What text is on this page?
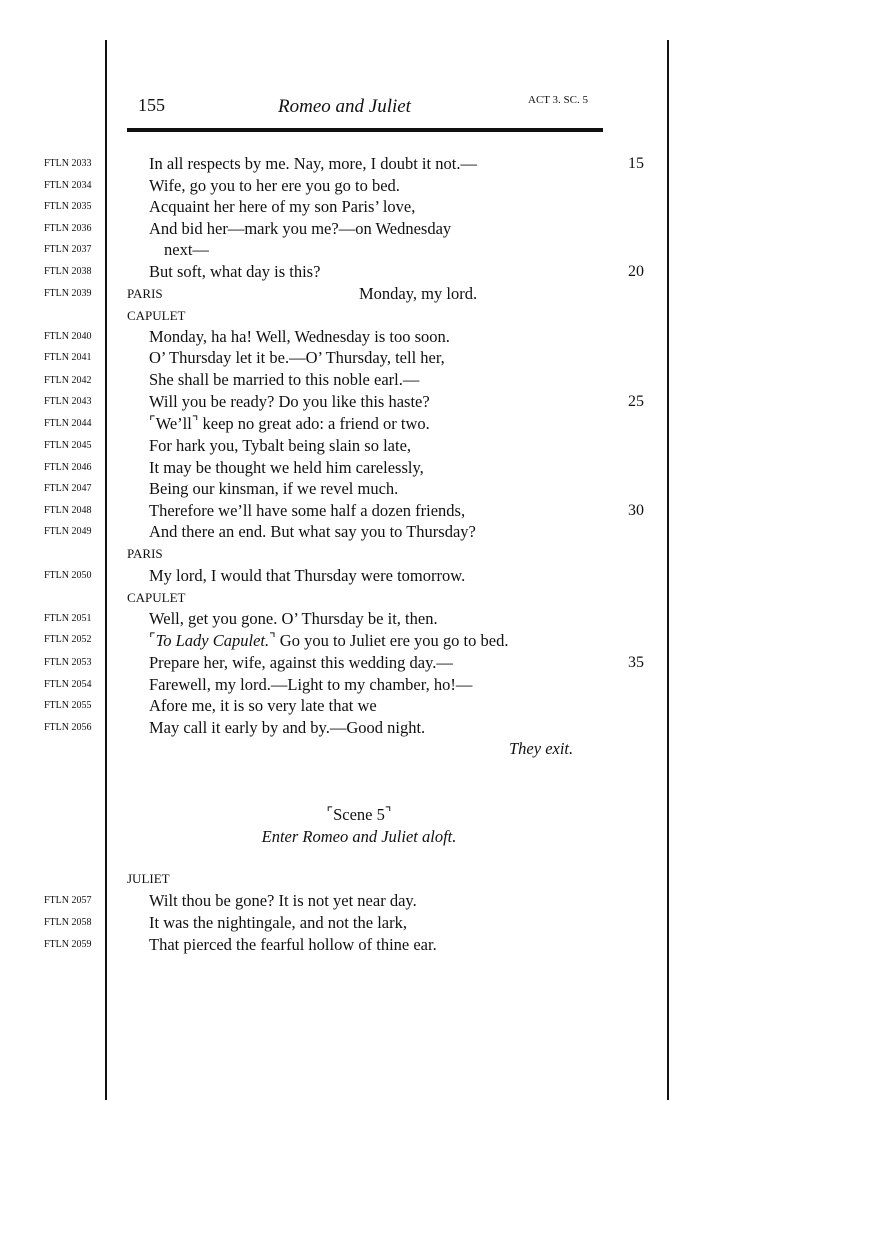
155	Romeo and Juliet	ACT 3. SC. 5
FTLN 2033	In all respects by me. Nay, more, I doubt it not.—	15
FTLN 2034	Wife, go you to her ere you go to bed.
FTLN 2035	Acquaint her here of my son Paris’ love,
FTLN 2036	And bid her—mark you me?—on Wednesday
FTLN 2037	next—
FTLN 2038	But soft, what day is this?	20
FTLN 2039	PARIS	Monday, my lord.
CAPULET
FTLN 2040	Monday, ha ha! Well, Wednesday is too soon.
FTLN 2041	O’ Thursday let it be.—O’ Thursday, tell her,
FTLN 2042	She shall be married to this noble earl.—
FTLN 2043	Will you be ready? Do you like this haste?	25
FTLN 2044	⌜We’ll⌝ keep no great ado: a friend or two.
FTLN 2045	For hark you, Tybalt being slain so late,
FTLN 2046	It may be thought we held him carelessly,
FTLN 2047	Being our kinsman, if we revel much.
FTLN 2048	Therefore we’ll have some half a dozen friends,	30
FTLN 2049	And there an end. But what say you to Thursday?
PARIS
FTLN 2050	My lord, I would that Thursday were tomorrow.
CAPULET
FTLN 2051	Well, get you gone. O’ Thursday be it, then.
FTLN 2052	⌜To Lady Capulet.⌝ Go you to Juliet ere you go to bed.
FTLN 2053	Prepare her, wife, against this wedding day.—	35
FTLN 2054	Farewell, my lord.—Light to my chamber, ho!—
FTLN 2055	Afore me, it is so very late that we
FTLN 2056	May call it early by and by.—Good night.
They exit.
⌜Scene 5⌝
Enter Romeo and Juliet aloft.
JULIET
FTLN 2057	Wilt thou be gone? It is not yet near day.
FTLN 2058	It was the nightingale, and not the lark,
FTLN 2059	That pierced the fearful hollow of thine ear.
